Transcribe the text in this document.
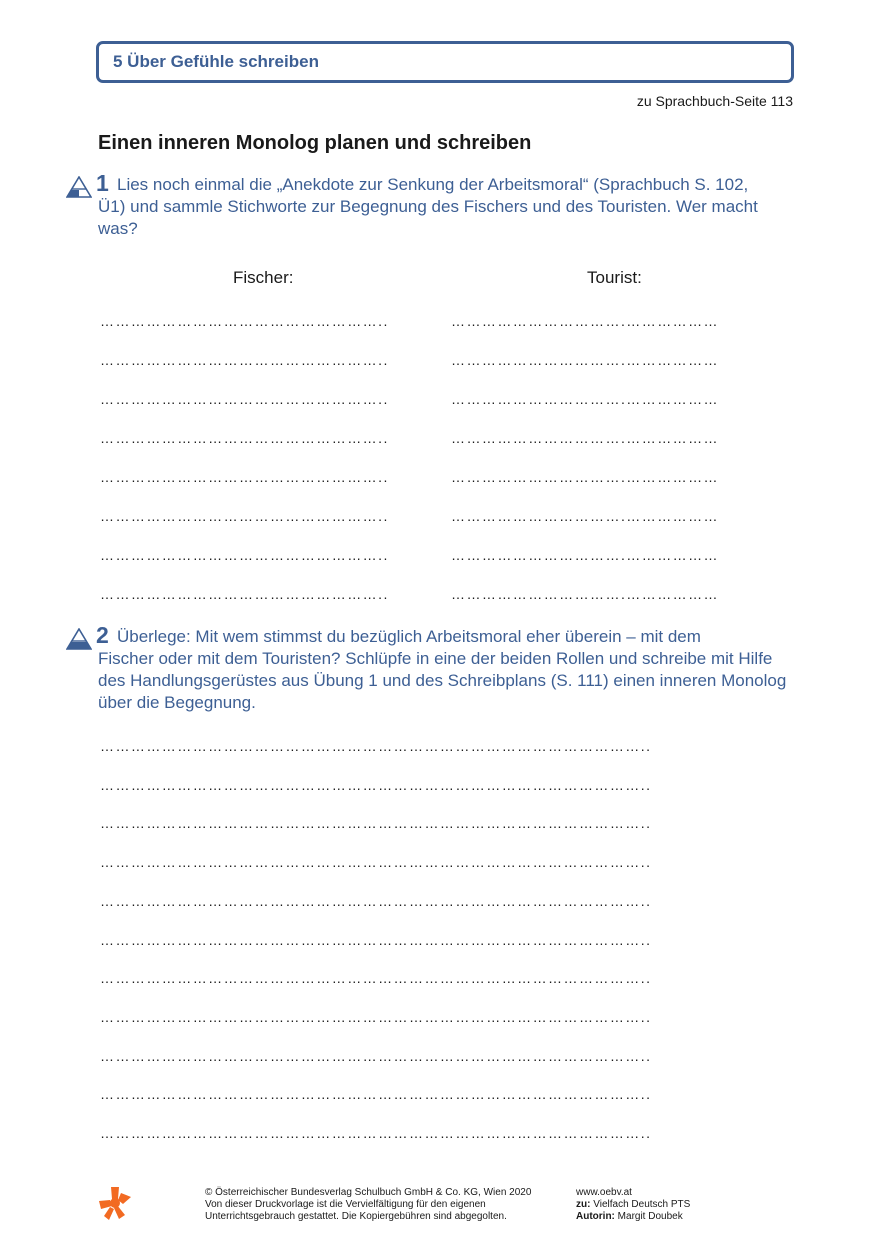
5 Über Gefühle schreiben
zu Sprachbuch-Seite 113
Einen inneren Monolog planen und schreiben
1 Lies noch einmal die „Anekdote zur Senkung der Arbeitsmoral“ (Sprachbuch S. 102,
Ü1) und sammle Stichworte zur Begegnung des Fischers und des Touristen. Wer macht was?
Fischer:	Tourist:
………………………………………………..	…………………………….………………
………………………………………………..	…………………………….………………
………………………………………………..	…………………………….………………
………………………………………………..	…………………………….………………
………………………………………………..	…………………………….………………
………………………………………………..	…………………………….………………
………………………………………………..	…………………………….………………
………………………………………………..	…………………………….………………
2 Überlege: Mit wem stimmst du bezüglich Arbeitsmoral eher überein – mit dem
Fischer oder mit dem Touristen? Schlüpfe in eine der beiden Rollen und schreibe mit Hilfe des Handlungsgerüstes aus Übung 1 und des Schreibplans (S. 111) einen inneren Monolog über die Begegnung.
……………………………………………………………………………………………..
……………………………………………………………………………………………..
……………………………………………………………………………………………..
……………………………………………………………………………………………..
……………………………………………………………………………………………..
……………………………………………………………………………………………..
……………………………………………………………………………………………..
……………………………………………………………………………………………..
……………………………………………………………………………………………..
……………………………………………………………………………………………..
……………………………………………………………………………………………..
© Österreichischer Bundesverlag Schulbuch GmbH & Co. KG, Wien 2020
Von dieser Druckvorlage ist die Vervielfältigung für den eigenen
Unterrichtsgebrauch gestattet. Die Kopiergebühren sind abgegolten.
www.oebv.at
zu: Vielfach Deutsch PTS
Autorin: Margit Doubek
